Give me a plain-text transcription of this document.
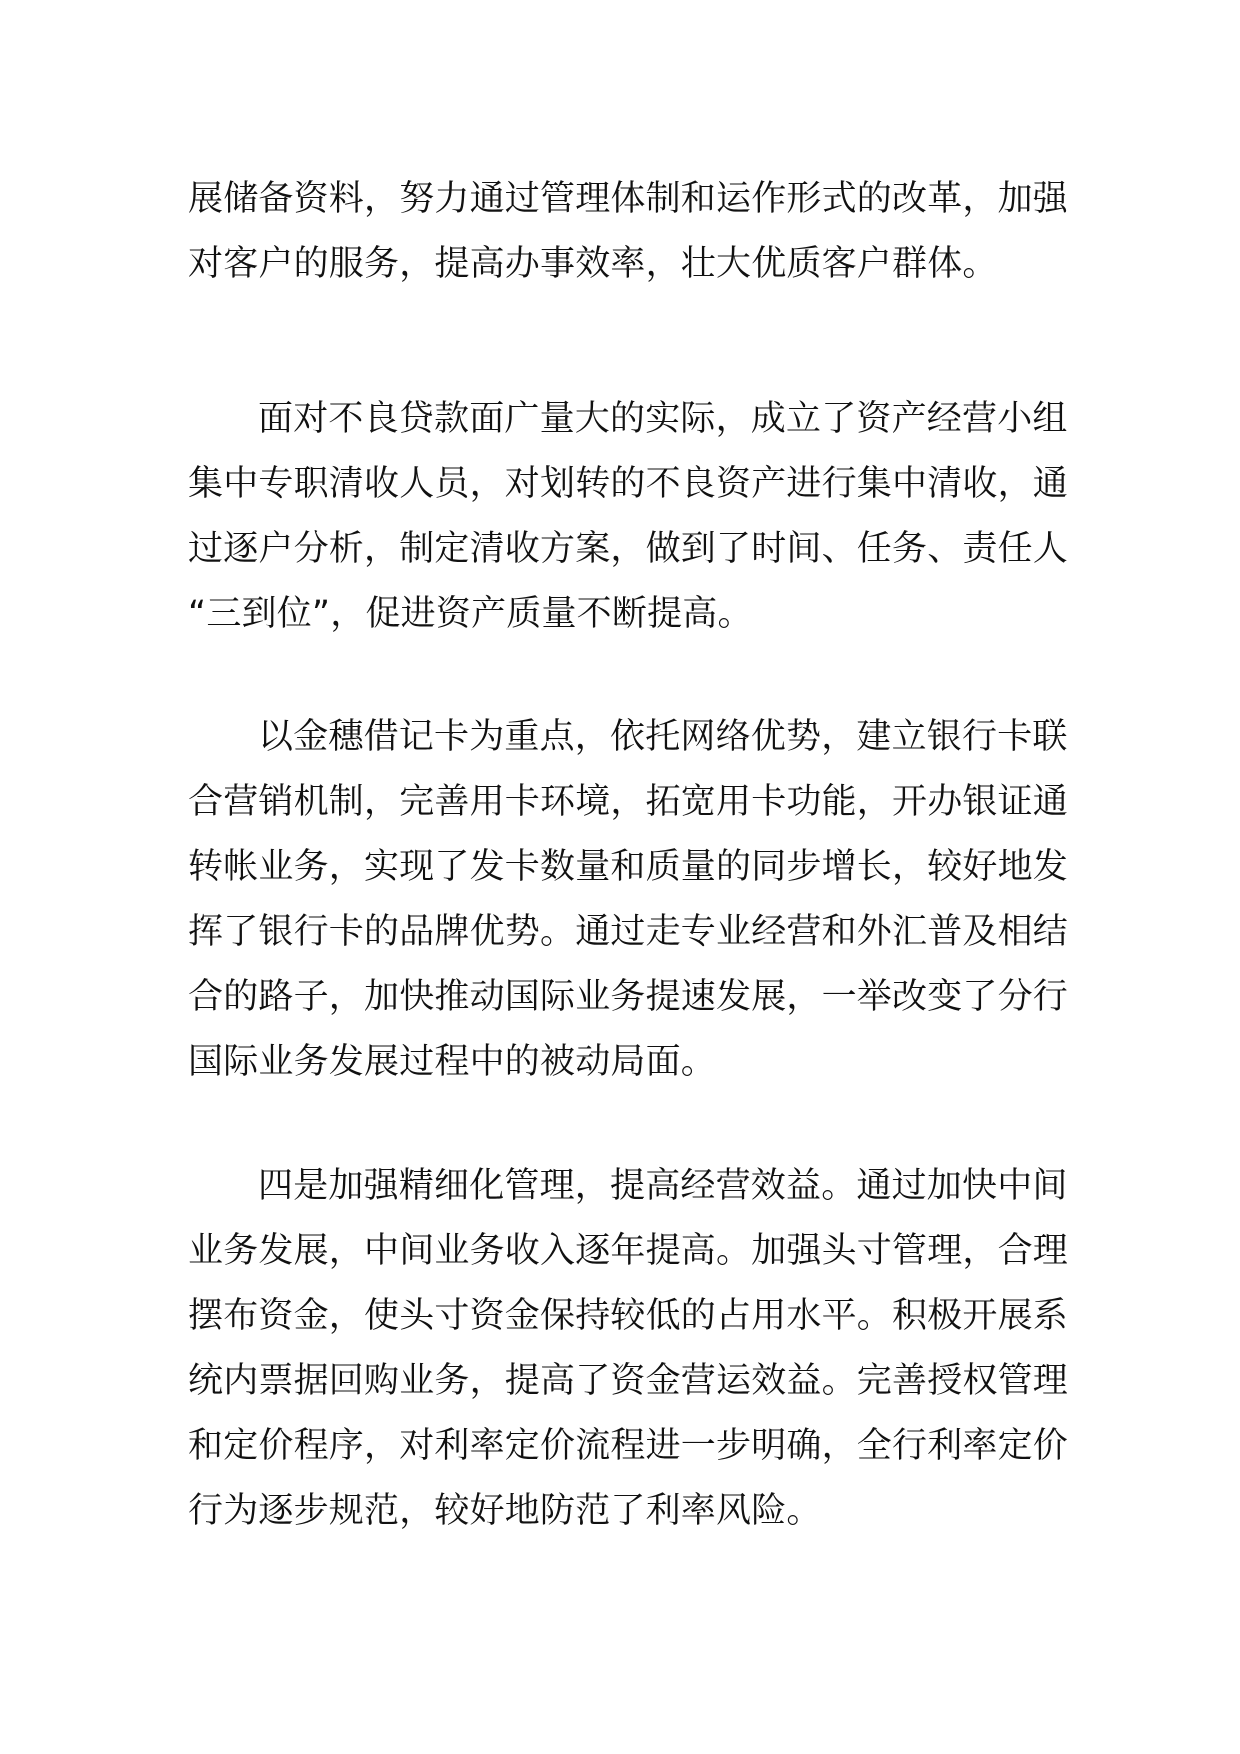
展储备资料，努力通过管理体制和运作形式的改革，加强
对客户的服务，提高办事效率，壮大优质客户群体。
面对不良贷款面广量大的实际，成立了资产经营小组
集中专职清收人员，对划转的不良资产进行集中清收，通
过逐户分析，制定清收方案，做到了时间、任务、责任人
“三到位”，促进资产质量不断提高。
以金穗借记卡为重点，依托网络优势，建立银行卡联
合营销机制，完善用卡环境，拓宽用卡功能，开办银证通
转帐业务，实现了发卡数量和质量的同步增长，较好地发
挥了银行卡的品牌优势。通过走专业经营和外汇普及相结
合的路子，加快推动国际业务提速发展，一举改变了分行
国际业务发展过程中的被动局面。
四是加强精细化管理，提高经营效益。通过加快中间
业务发展，中间业务收入逐年提高。加强头寸管理，合理
摆布资金，使头寸资金保持较低的占用水平。积极开展系
统内票据回购业务，提高了资金营运效益。完善授权管理
和定价程序，对利率定价流程进一步明确，全行利率定价
行为逐步规范，较好地防范了利率风险。
